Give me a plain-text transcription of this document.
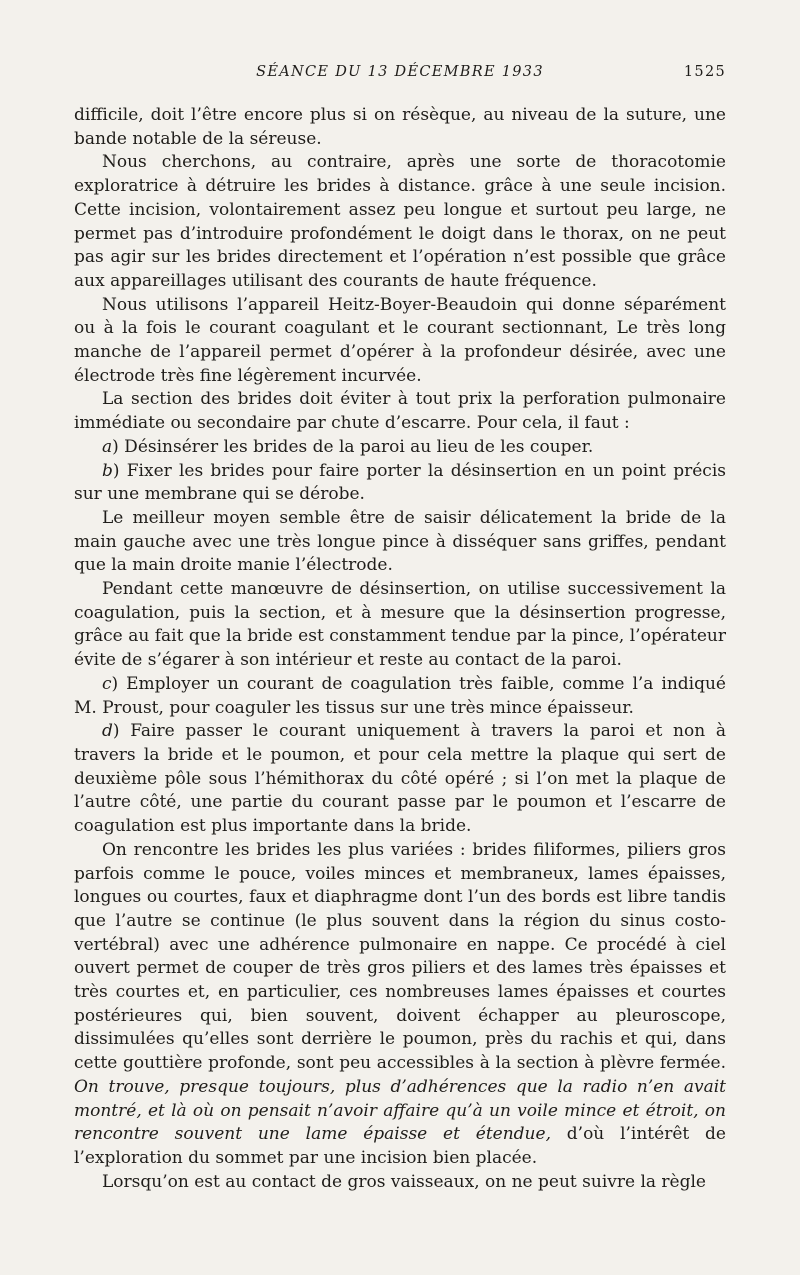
SÉANCE DU 13 DÉCEMBRE 1933	1525

difficile, doit l’être encore plus si on résèque, au niveau de la suture, une bande notable de la séreuse.

Nous cherchons, au contraire, après une sorte de thoracotomie exploratrice à détruire les brides à distance. grâce à une seule incision. Cette incision, volontairement assez peu longue et surtout peu large, ne permet pas d’introduire profondément le doigt dans le thorax, on ne peut pas agir sur les brides directement et l’opération n’est possible que grâce aux appareillages utilisant des courants de haute fréquence.

Nous utilisons l’appareil Heitz-Boyer-Beaudoin qui donne séparément ou à la fois le courant coagulant et le courant sectionnant, Le très long manche de l’appareil permet d’opérer à la profondeur désirée, avec une électrode très fine légèrement incurvée.

La section des brides doit éviter à tout prix la perforation pulmonaire immédiate ou secondaire par chute d’escarre. Pour cela, il faut :

a) Désinsérer les brides de la paroi au lieu de les couper.

b) Fixer les brides pour faire porter la désinsertion en un point précis sur une membrane qui se dérobe.

Le meilleur moyen semble être de saisir délicatement la bride de la main gauche avec une très longue pince à disséquer sans griffes, pendant que la main droite manie l’électrode.

Pendant cette manœuvre de désinsertion, on utilise successivement la coagulation, puis la section, et à mesure que la désinsertion progresse, grâce au fait que la bride est constamment tendue par la pince, l’opérateur évite de s’égarer à son intérieur et reste au contact de la paroi.

c) Employer un courant de coagulation très faible, comme l’a indiqué M. Proust, pour coaguler les tissus sur une très mince épaisseur.

d) Faire passer le courant uniquement à travers la paroi et non à travers la bride et le poumon, et pour cela mettre la plaque qui sert de deuxième pôle sous l’hémithorax du côté opéré ; si l’on met la plaque de l’autre côté, une partie du courant passe par le poumon et l’escarre de coagulation est plus importante dans la bride.

On rencontre les brides les plus variées : brides filiformes, piliers gros parfois comme le pouce, voiles minces et membraneux, lames épaisses, longues ou courtes, faux et diaphragme dont l’un des bords est libre tandis que l’autre se continue (le plus souvent dans la région du sinus costo-vertébral) avec une adhérence pulmonaire en nappe. Ce procédé à ciel ouvert permet de couper de très gros piliers et des lames très épaisses et très courtes et, en particulier, ces nombreuses lames épaisses et courtes postérieures qui, bien souvent, doivent échapper au pleuroscope, dissimulées qu’elles sont derrière le poumon, près du rachis et qui, dans cette gouttière profonde, sont peu accessibles à la section à plèvre fermée. On trouve, presque toujours, plus d’adhérences que la radio n’en avait montré, et là où on pensait n’avoir affaire qu’à un voile mince et étroit, on rencontre souvent une lame épaisse et étendue, d’où l’intérêt de l’exploration du sommet par une incision bien placée.

Lorsqu’on est au contact de gros vaisseaux, on ne peut suivre la règle
